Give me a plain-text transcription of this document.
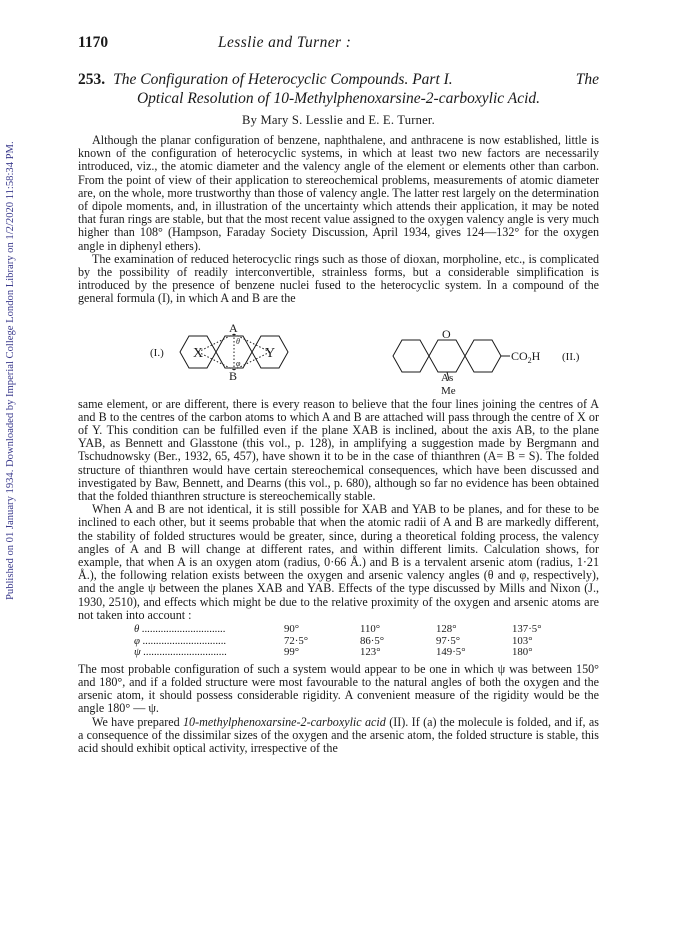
Published on 01 January 1934. Downloaded by Imperial College London Library on 1/2/2020 11:58:34 PM.
1170	Lesslie and Turner :
253. The Configuration of Heterocyclic Compounds. Part I.	The
Optical Resolution of 10-Methylphenoxarsine-2-carboxylic Acid.
By Mary S. Lesslie and E. E. Turner.

Although the planar configuration of benzene, naphthalene, and anthracene is now established, little is known of the configuration of heterocyclic systems, in which at least two new factors are necessarily introduced, viz., the atomic diameter and the valency angle of the element or elements other than carbon. From the point of view of their application to stereochemical problems, measurements of atomic diameter are, on the whole, more trustworthy than those of valency angle. The latter rest largely on the determination of dipole moments, and, in illustration of the uncertainty which attends their application, it may be noted that furan rings are stable, but that the most recent value assigned to the oxygen valency angle is very much higher than 108° (Hampson, Faraday Society Discussion, April 1934, gives 124—132° for the oxygen angle in diphenyl ethers).

The examination of reduced heterocyclic rings such as those of dioxan, morpholine, etc., is complicated by the possibility of readily interconvertible, strainless forms, but a considerable simplification is introduced by the presence of benzene nuclei fused to the heterocyclic system. In a compound of the general formula (I), in which A and B are the

(I.) X	Y
A
B
θ
φ
O
As
Me
$CO_2H$ (II.)

same element, or are different, there is every reason to believe that the four lines joining the centres of A and B to the centres of the carbon atoms to which A and B are attached will pass through the centre of X or of Y. This condition can be fulfilled even if the plane XAB is inclined, about the axis AB, to the plane YAB, as Bennett and Glasstone (this vol., p. 128), in amplifying a suggestion made by Bergmann and Tschudnowsky (Ber., 1932, 65, 457), have shown it to be in the case of thianthren (A= B = S). The folded structure of thianthren would have certain stereochemical consequences, which have been discussed and investigated by Baw, Bennett, and Dearns (this vol., p. 680), although so far no evidence has been obtained that the folded thianthren structure is stereochemically stable.

When A and B are not identical, it is still possible for XAB and YAB to be planes, and for these to be inclined to each other, but it seems probable that when the atomic radii of A and B are markedly different, the stability of folded structures would be greater, since, during a theoretical folding process, the valency angles of A and B will change at different rates, and within different limits. Calculation shows, for example, that when A is an oxygen atom (radius, 0·66 Å.) and B is a tervalent arsenic atom (radius, 1·21 Å.), the following relation exists between the oxygen and arsenic valency angles (θ and φ, respectively), and the angle ψ between the planes XAB and YAB. Effects of the type discussed by Mills and Nixon (J., 1930, 2510), and effects which might be due to the relative proximity of the oxygen and arsenic atoms are not taken into account :

θ ...............................	90°	110°	128°	137·5°
φ ...............................	72·5°	86·5°	97·5°	103°
ψ ...............................	99°	123°	149·5°	180°

The most probable configuration of such a system would appear to be one in which ψ was between 150° and 180°, and if a folded structure were most favourable to the natural angles of both the oxygen and the arsenic atom, it should possess considerable rigidity. A convenient measure of the rigidity would be the angle 180° — ψ.

We have prepared 10-methylphenoxarsine-2-carboxylic acid (II). If (a) the molecule is folded, and if, as a consequence of the dissimilar sizes of the oxygen and the arsenic atom, the folded structure is stable, this acid should exhibit optical activity, irrespective of the
